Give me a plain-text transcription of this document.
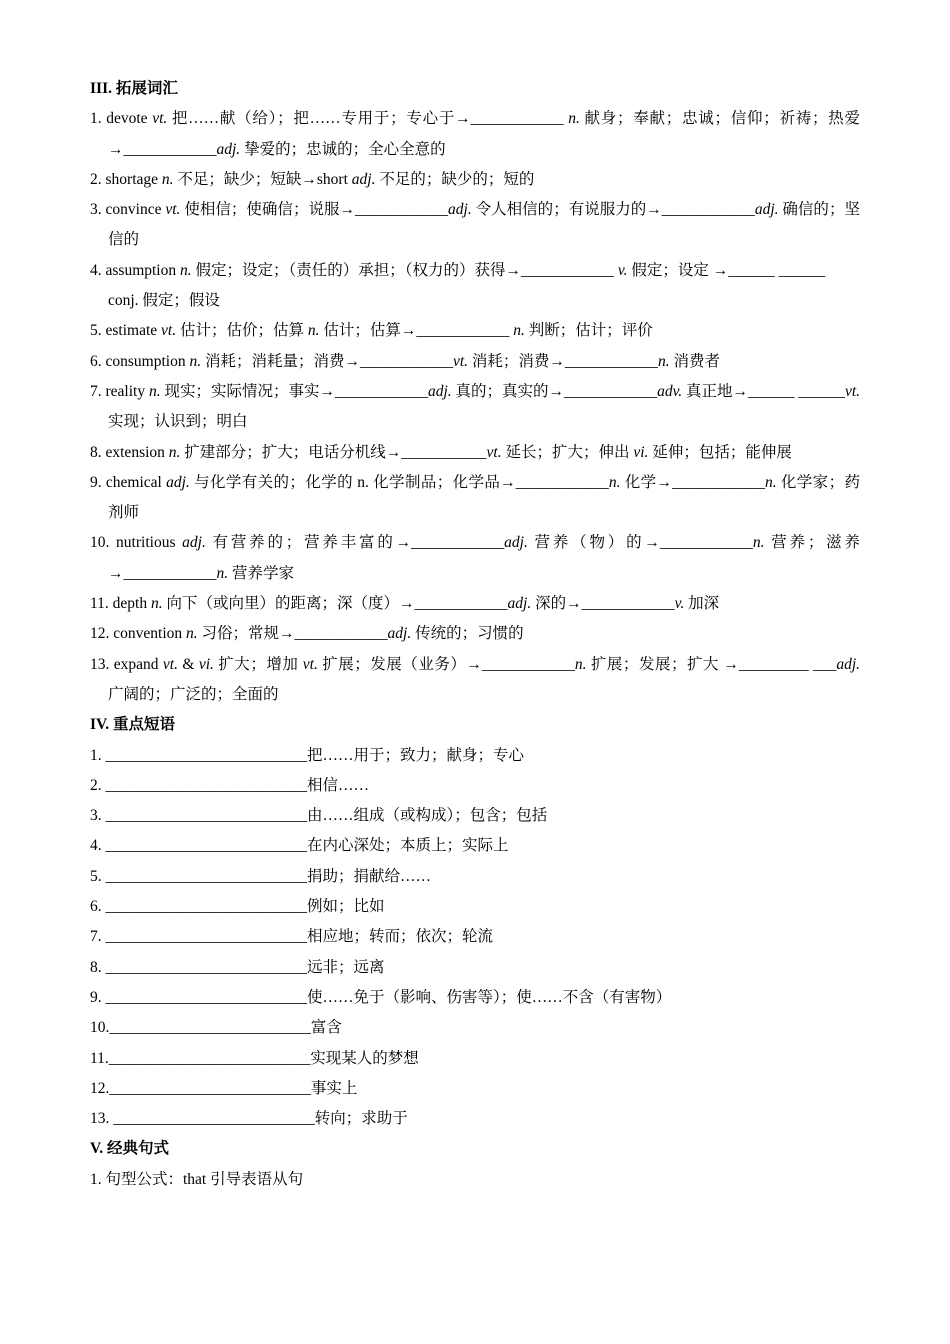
III. 拓展词汇

1. devote vt. 把……献（给）；把……专用于；专心于→____________ n. 献身；奉献；忠诚；信仰；祈祷；热爱→____________adj. 挚爱的；忠诚的；全心全意的

2. shortage n. 不足；缺少；短缺→short adj. 不足的；缺少的；短的

3. convince vt. 使相信；使确信；说服→____________adj. 令人相信的；有说服力的→____________adj. 确信的；坚信的

4. assumption n. 假定；设定；（责任的）承担；（权力的）获得→____________ v. 假定；设定 →______ ______

conj. 假定；假设

5. estimate vt. 估计；估价；估算 n. 估计；估算→____________ n. 判断；估计；评价

6. consumption n. 消耗；消耗量；消费→____________vt. 消耗；消费→____________n. 消费者

7. reality n. 现实；实际情况；事实→____________adj. 真的；真实的→____________adv. 真正地→______ ______vt. 实现；认识到；明白

8. extension n. 扩建部分；扩大；电话分机线→___________vt. 延长；扩大；伸出 vi. 延伸；包括；能伸展

9. chemical adj. 与化学有关的；化学的 n. 化学制品；化学品→____________n. 化学→____________n. 化学家；药剂师

10. nutritious adj. 有营养的；营养丰富的→____________adj. 营养（物）的→____________n. 营养；滋养→____________n. 营养学家

11. depth n. 向下（或向里）的距离；深（度）→____________adj. 深的→____________v. 加深

12. convention n. 习俗；常规→____________adj. 传统的；习惯的

13. expand vt. & vi. 扩大；增加 vt. 扩展；发展（业务）→____________n. 扩展；发展；扩大 →_________ ___adj. 广阔的；广泛的；全面的

IV. 重点短语

1. __________________________把……用于；致力；献身；专心

2. __________________________相信……

3. __________________________由……组成（或构成）；包含；包括

4. __________________________在内心深处；本质上；实际上

5. __________________________捐助；捐献给……

6. __________________________例如；比如

7. __________________________相应地；转而；依次；轮流

8. __________________________远非；远离

9. __________________________使……免于（影响、伤害等）；使……不含（有害物）

10.__________________________富含

11.__________________________实现某人的梦想

12.__________________________事实上

13. __________________________转向；求助于

V. 经典句式

1. 句型公式：that 引导表语从句
